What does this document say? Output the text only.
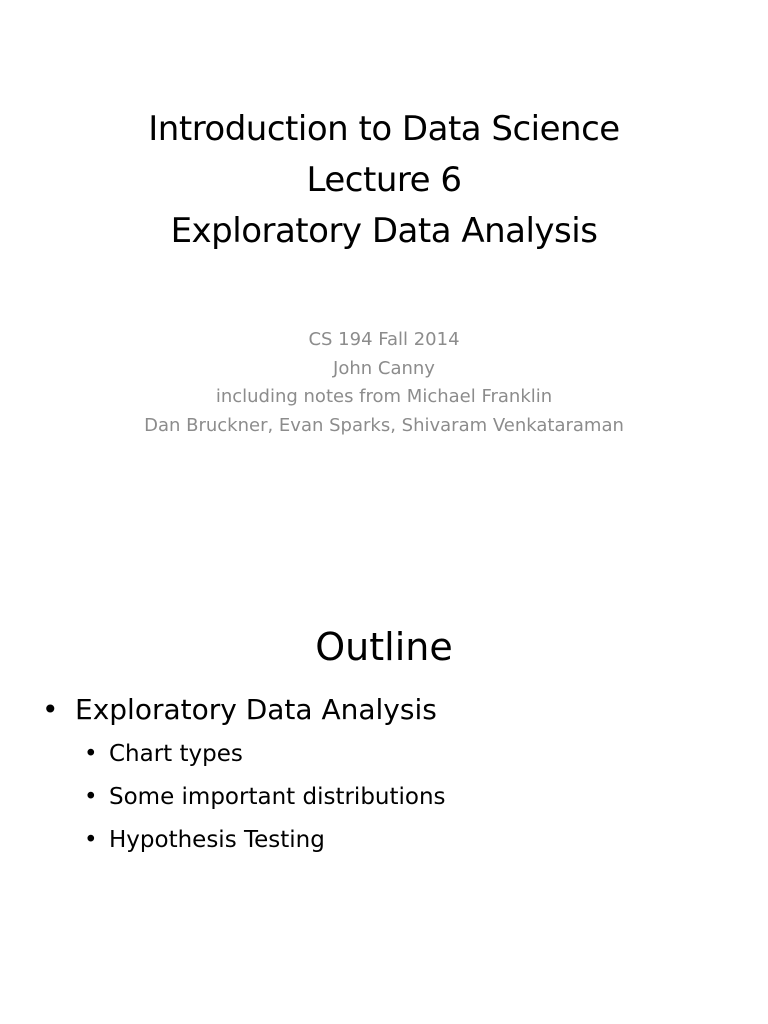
Introduction to Data Science
Lecture 6
Exploratory Data Analysis
CS 194 Fall 2014
John Canny
including notes from Michael Franklin
Dan Bruckner, Evan Sparks, Shivaram Venkataraman
Outline
• Exploratory Data Analysis
• Chart types
• Some important distributions
• Hypothesis Testing
